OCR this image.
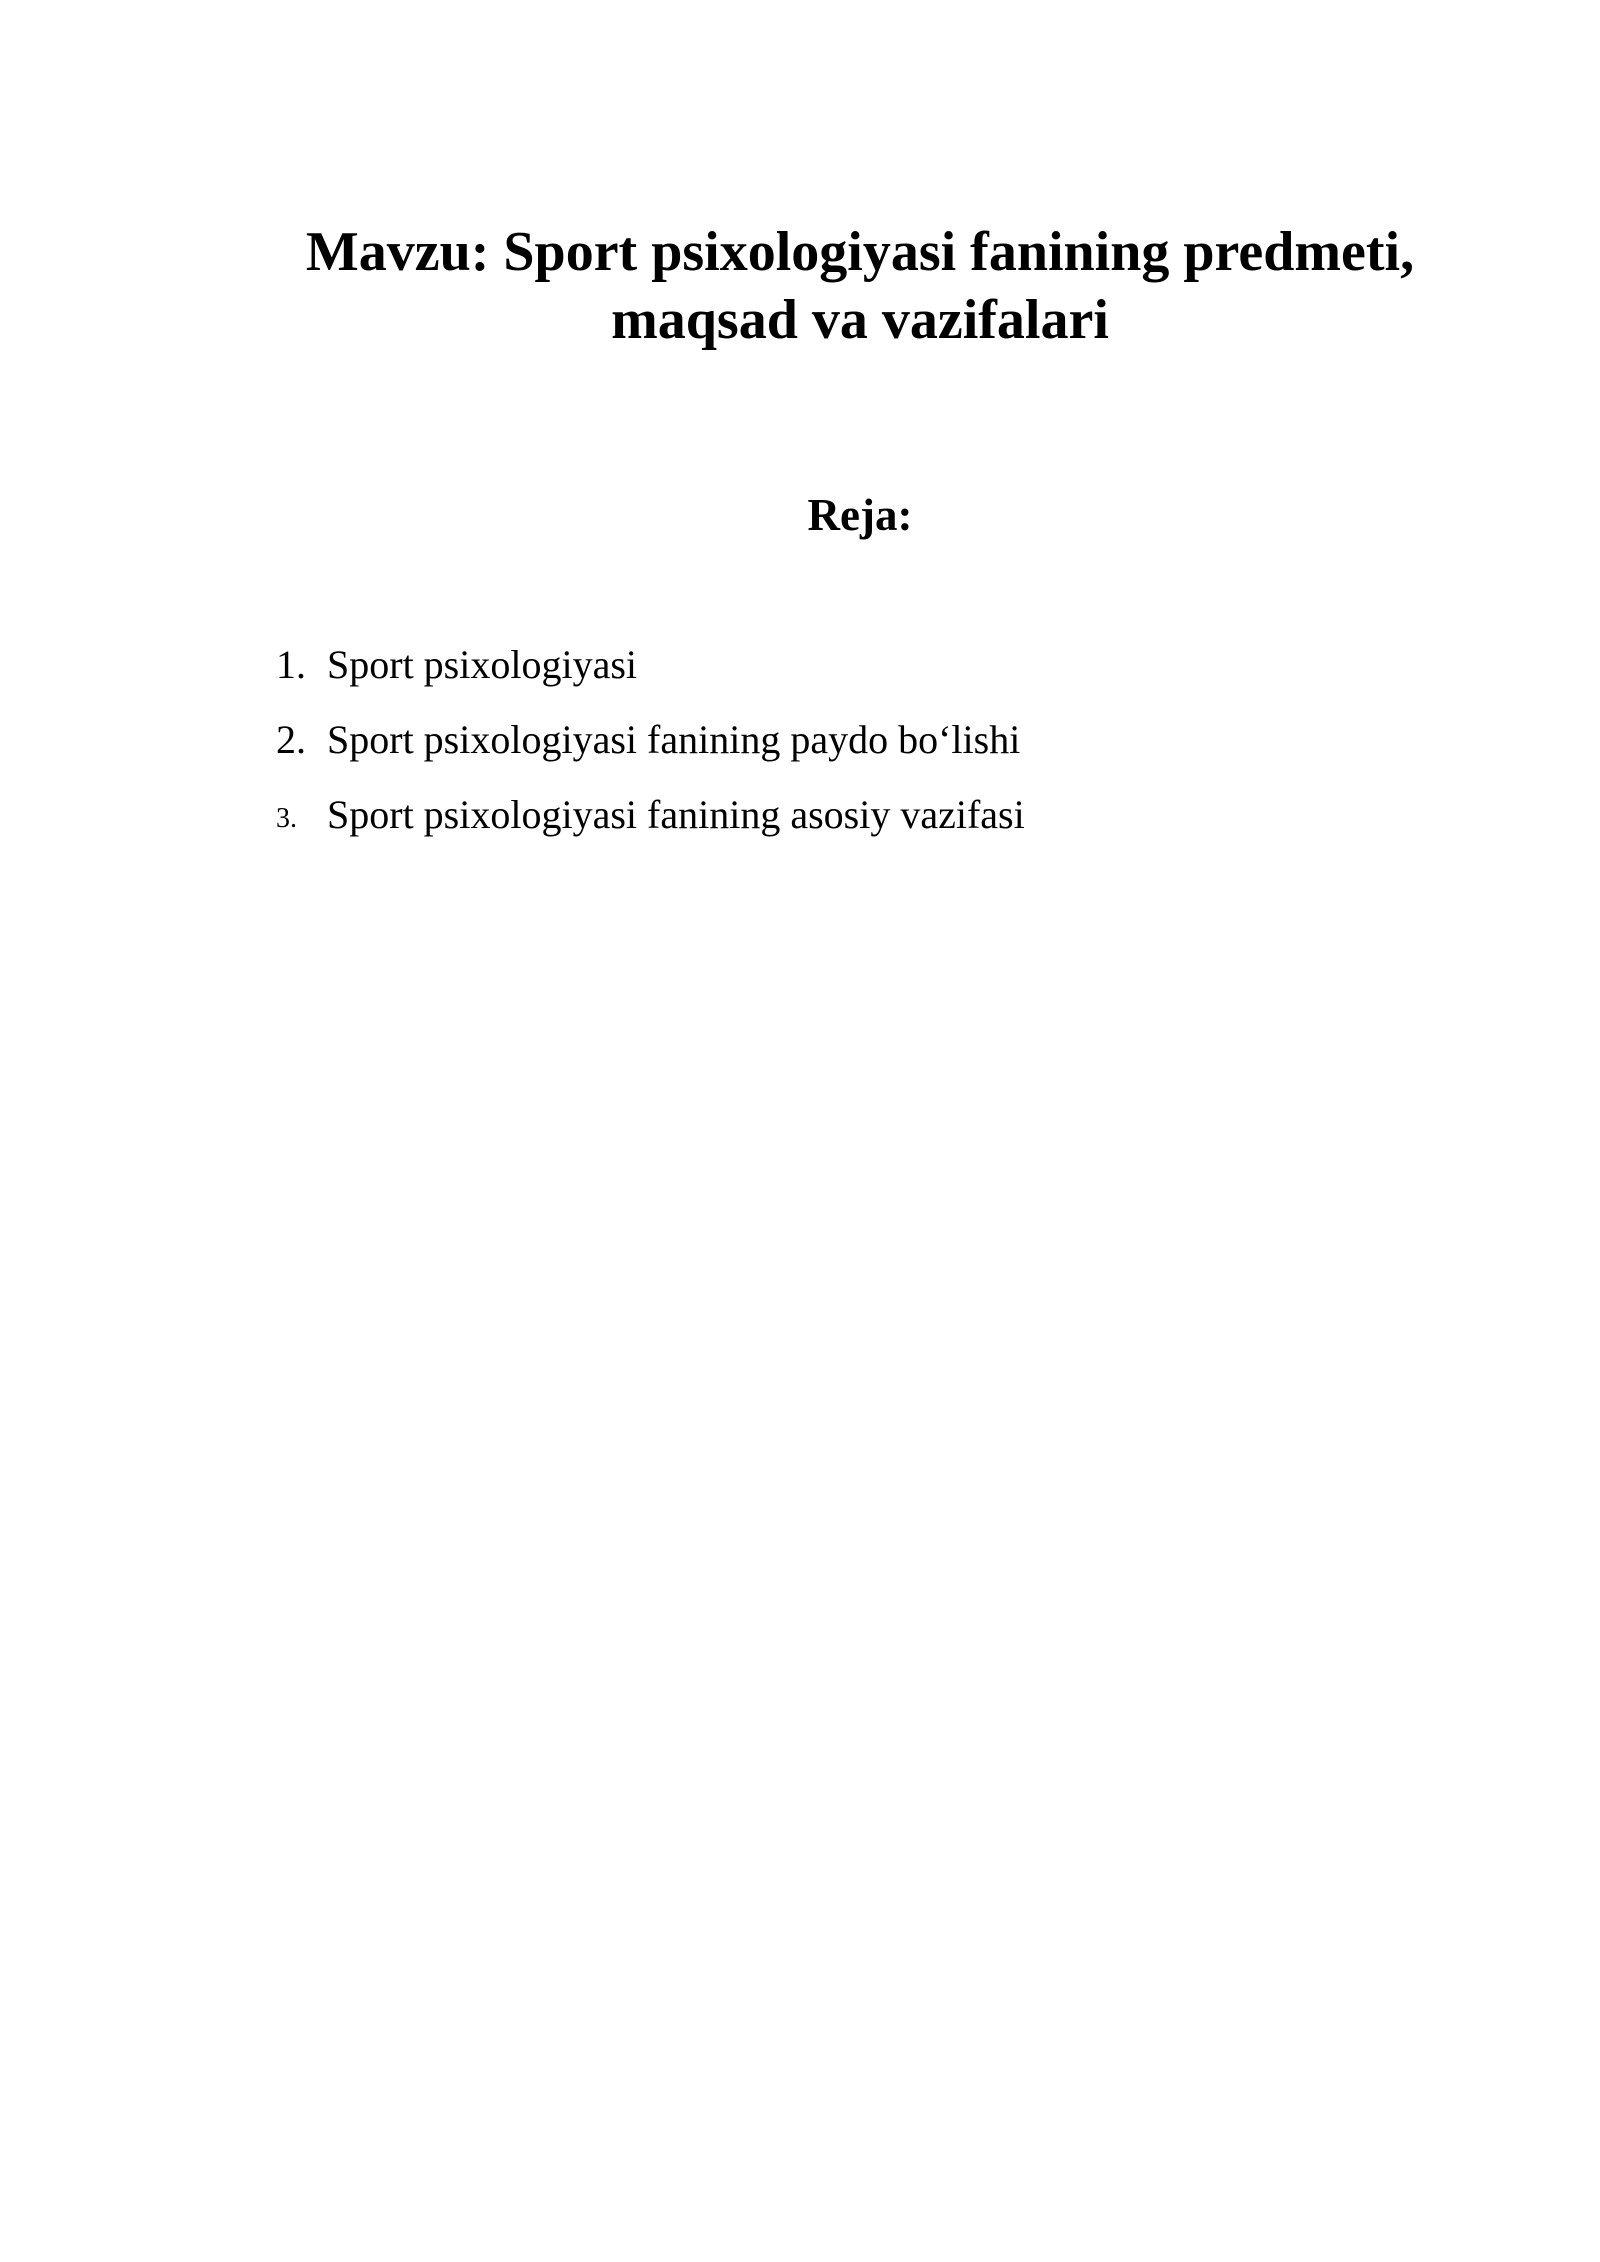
Mavzu: Sport psixologiyasi fanining predmeti,
maqsad va vazifalari
Reja:
1. Sport psixologiyasi
2. Sport psixologiyasi fanining paydo bo‘lishi
3. Sport psixologiyasi fanining asosiy vazifasi
